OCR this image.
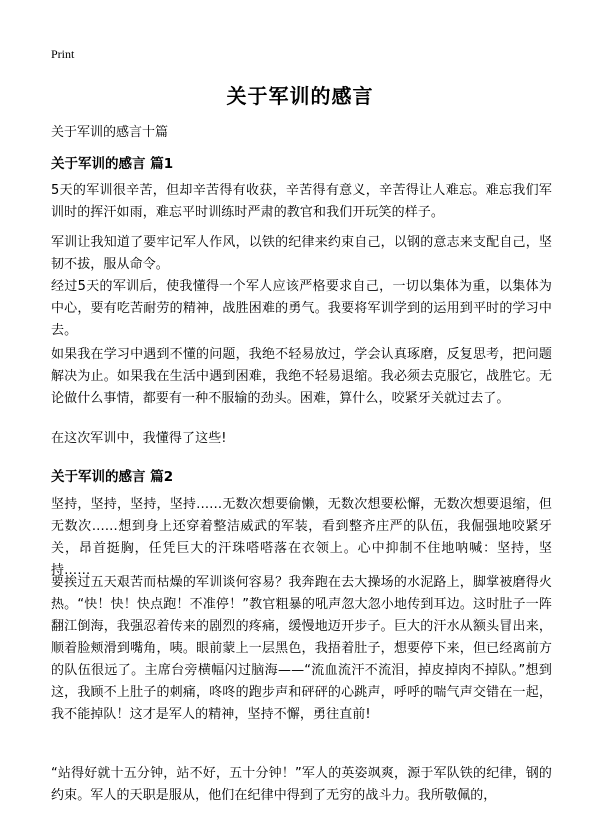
Print
关于军训的感言
关于军训的感言十篇
关于军训的感言 篇1
5天的军训很辛苦，但却辛苦得有收获，辛苦得有意义，辛苦得让人难忘。难忘我们军训时的挥汗如雨，难忘平时训练时严肃的教官和我们开玩笑的样子。
军训让我知道了要牢记军人作风，以铁的纪律来约束自己，以钢的意志来支配自己，坚韧不拔，服从命令。
经过5天的军训后，使我懂得一个军人应该严格要求自己，一切以集体为重，以集体为中心，要有吃苦耐劳的精神，战胜困难的勇气。我要将军训学到的运用到平时的学习中去。
如果我在学习中遇到不懂的问题，我绝不轻易放过，学会认真琢磨，反复思考，把问题解决为止。如果我在生活中遇到困难，我绝不轻易退缩。我必须去克服它，战胜它。无论做什么事情，都要有一种不服输的劲头。困难，算什么，咬紧牙关就过去了。
在这次军训中，我懂得了这些!
关于军训的感言 篇2
坚持，坚持，坚持，坚持……无数次想要偷懒，无数次想要松懈，无数次想要退缩，但无数次……想到身上还穿着整洁威武的军装，看到整齐庄严的队伍，我倔强地咬紧牙关，昂首挺胸，任凭巨大的汗珠嗒嗒落在衣领上。心中抑制不住地呐喊：坚持，坚持……
要挨过五天艰苦而枯燥的军训谈何容易？我奔跑在去大操场的水泥路上，脚掌被磨得火热。“快！快！快点跑！不准停！”教官粗暴的吼声忽大忽小地传到耳边。这时肚子一阵翻江倒海，我强忍着传来的剧烈的疼痛，缓慢地迈开步子。巨大的汗水从额头冒出来，顺着脸颊滑到嘴角，咦。眼前蒙上一层黑色，我捂着肚子，想要停下来，但已经离前方的队伍很远了。主席台旁横幅闪过脑海——“流血流汗不流泪，掉皮掉肉不掉队。”想到这，我顾不上肚子的刺痛，咚咚的跑步声和砰砰的心跳声，呼呼的喘气声交错在一起，我不能掉队！这才是军人的精神，坚持不懈，勇往直前!
“站得好就十五分钟，站不好，五十分钟！”军人的英姿飒爽，源于军队铁的纪律，钢的约束。军人的天职是服从，他们在纪律中得到了无穷的战斗力。我所敬佩的，
